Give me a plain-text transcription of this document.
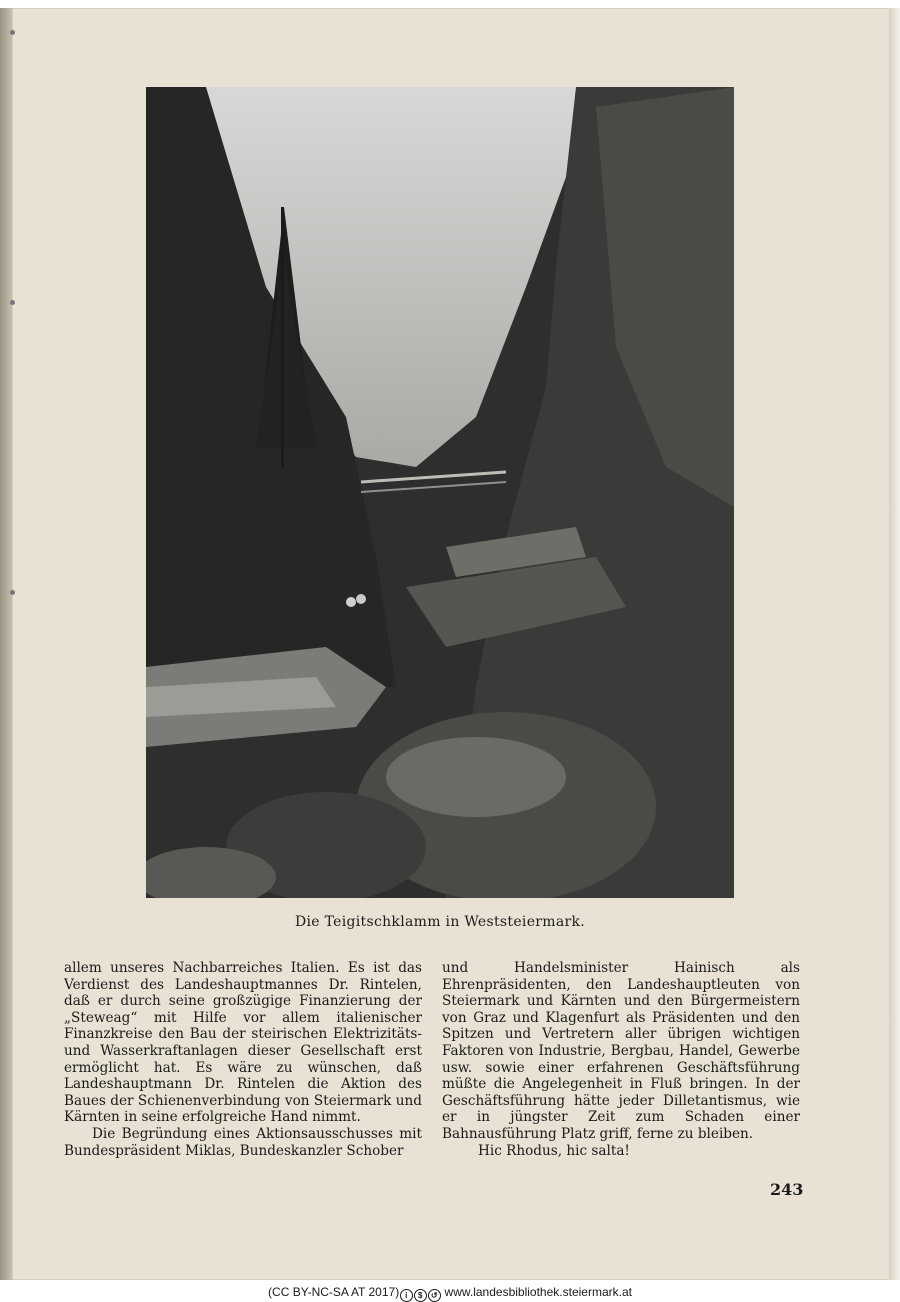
Die Teigitschklamm in Weststeiermark.

allem unseres Nachbarreiches Italien. Es ist das Verdienst des Landeshauptmannes Dr. Rintelen, daß er durch seine großzügige Finanzierung der „Steweag“ mit Hilfe vor allem italienischer Finanzkreise den Bau der steirischen Elektrizitäts- und Wasserkraftanlagen dieser Gesellschaft erst ermöglicht hat. Es wäre zu wünschen, daß Landeshauptmann Dr. Rintelen die Aktion des Baues der Schienenverbindung von Steiermark und Kärnten in seine erfolgreiche Hand nimmt.

Die Begründung eines Aktionsausschusses mit Bundespräsident Miklas, Bundeskanzler Schober

und Handelsminister Hainisch als Ehrenpräsidenten, den Landeshauptleuten von Steiermark und Kärnten und den Bürgermeistern von Graz und Klagenfurt als Präsidenten und den Spitzen und Vertretern aller übrigen wichtigen Faktoren von Industrie, Bergbau, Handel, Gewerbe usw. sowie einer erfahrenen Geschäftsführung müßte die Angelegenheit in Fluß bringen. In der Geschäftsführung hätte jeder Dilletantismus, wie er in jüngster Zeit zum Schaden einer Bahnausführung Platz griff, ferne zu bleiben.

Hic Rhodus, hic salta!

243
(CC BY-NC-SA AT 2017) i $ ↺ www.landesbibliothek.steiermark.at
